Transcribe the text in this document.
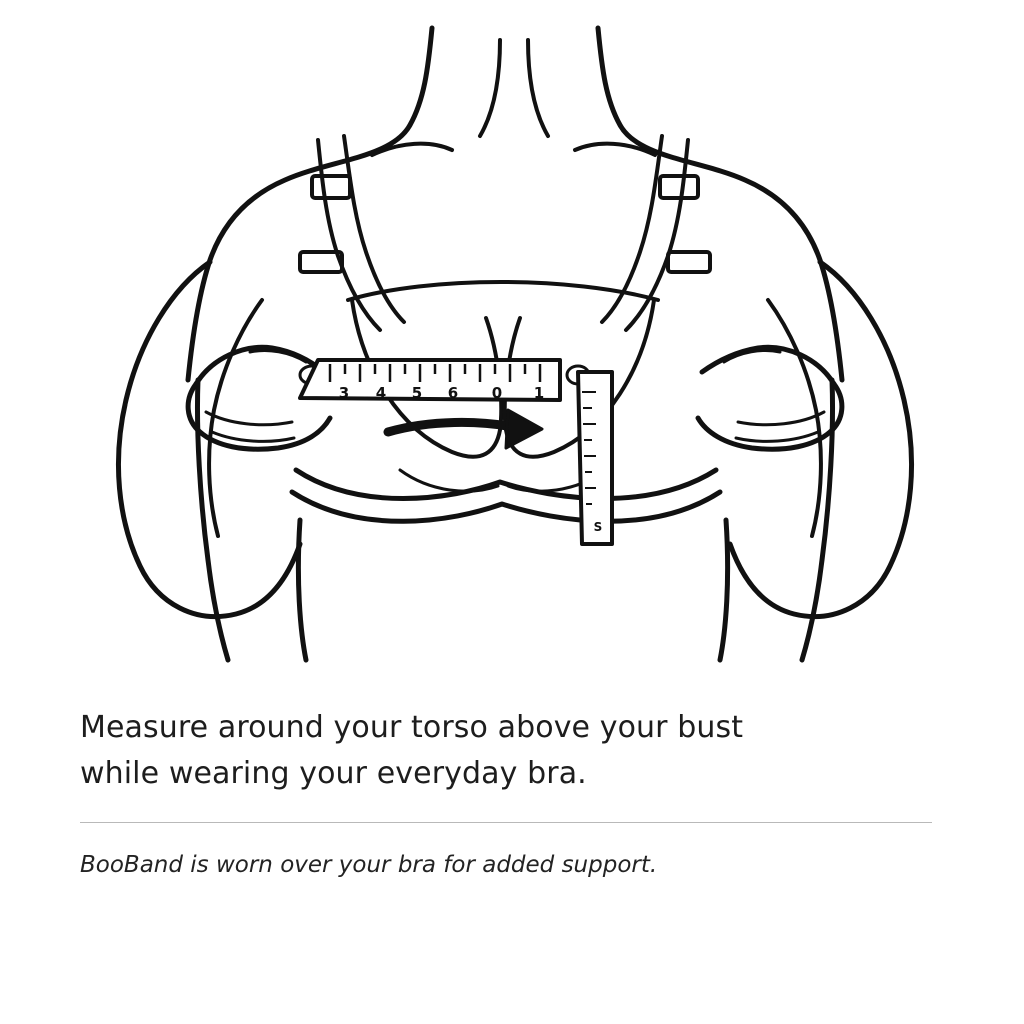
3 4 5 6 0 1
S
Measure around your torso above your bust
while wearing your everyday bra.
BooBand is worn over your bra for added support.
